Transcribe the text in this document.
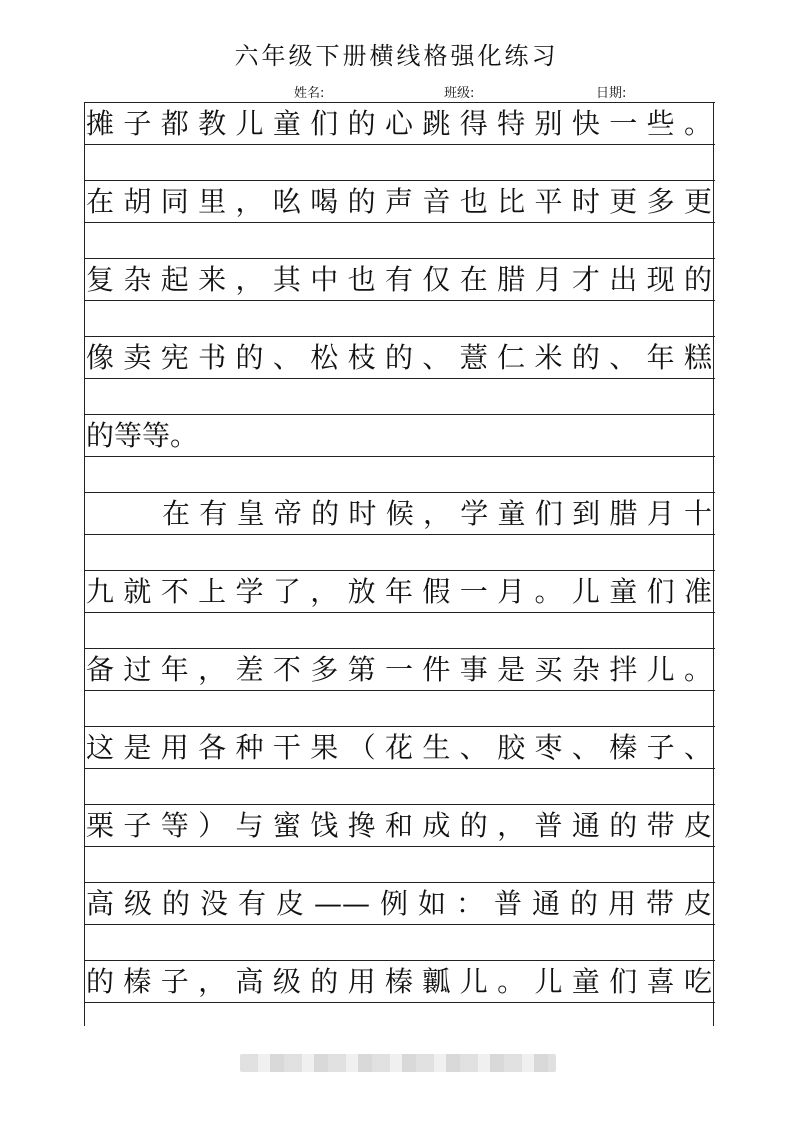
六年级下册横线格强化练习
姓名:	班级:	日期:
摊子都教儿童们的心跳得特别快一些。
在胡同里，吆喝的声音也比平时更多更
复杂起来，其中也有仅在腊月才出现的
像卖宪书的、松枝的、薏仁米的、年糕
的等等。
在有皇帝的时候，学童们到腊月十
九就不上学了，放年假一月。儿童们准
备过年，差不多第一件事是买杂拌儿。
这是用各种干果（花生、胶枣、榛子、
栗子等）与蜜饯搀和成的，普通的带皮
高级的没有皮——例如：普通的用带皮
的榛子，高级的用榛瓤儿。儿童们喜吃
